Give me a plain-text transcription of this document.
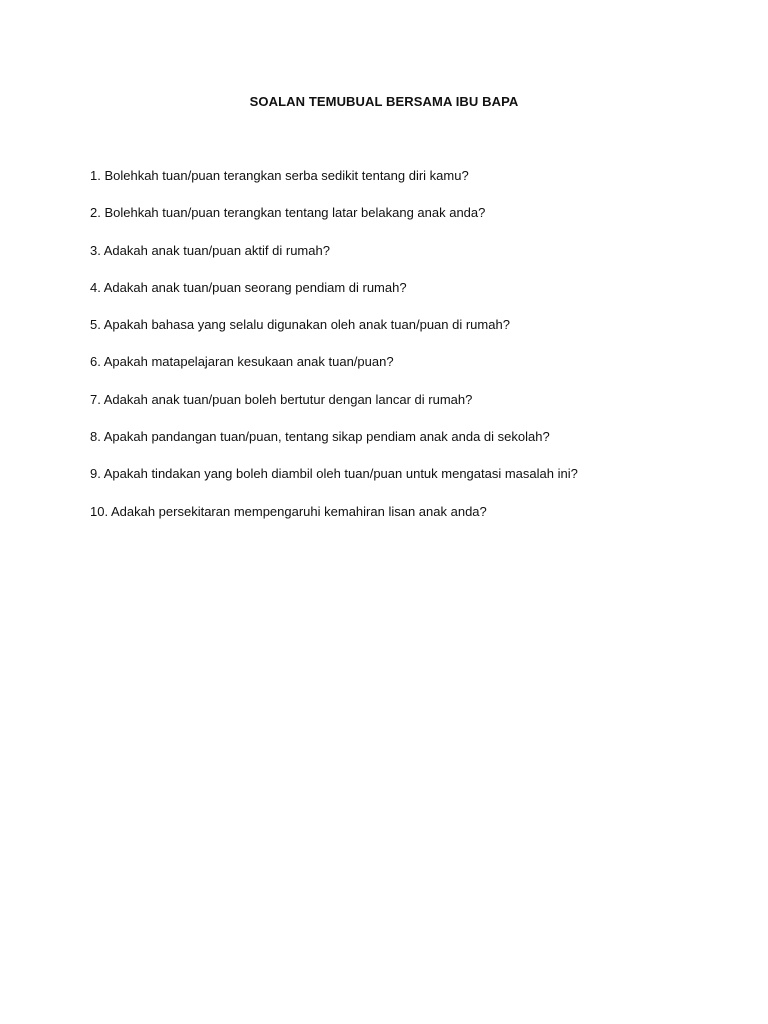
SOALAN TEMUBUAL BERSAMA IBU BAPA
1. Bolehkah tuan/puan terangkan serba sedikit tentang diri kamu?
2. Bolehkah tuan/puan terangkan tentang latar belakang anak anda?
3. Adakah anak tuan/puan aktif di rumah?
4. Adakah anak tuan/puan seorang pendiam di rumah?
5. Apakah bahasa yang selalu digunakan oleh anak tuan/puan di rumah?
6. Apakah matapelajaran kesukaan anak tuan/puan?
7. Adakah anak tuan/puan boleh bertutur dengan lancar di rumah?
8. Apakah pandangan tuan/puan, tentang sikap pendiam anak anda di sekolah?
9. Apakah tindakan yang boleh diambil oleh tuan/puan untuk mengatasi masalah ini?
10. Adakah persekitaran mempengaruhi kemahiran lisan anak anda?
